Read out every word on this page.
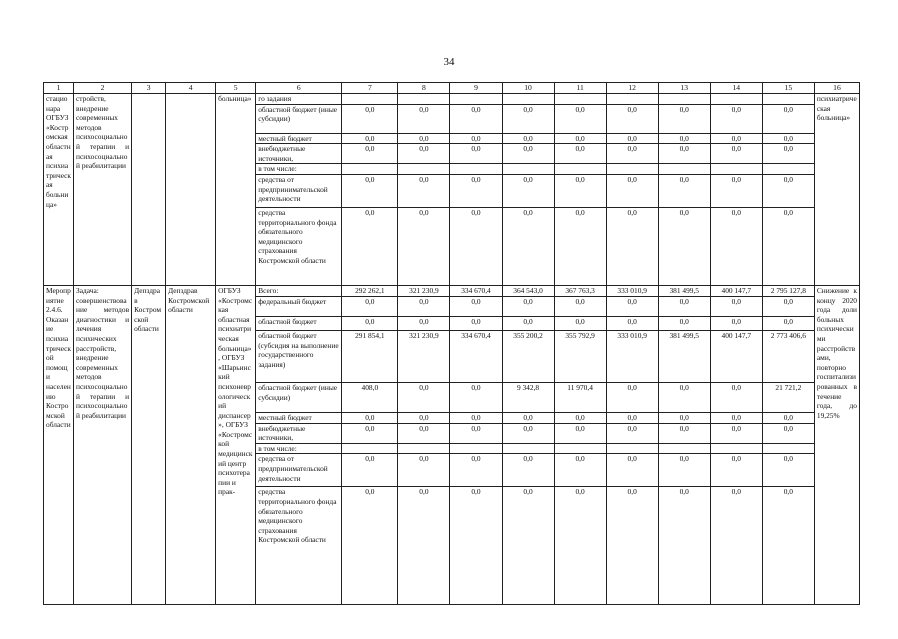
34
1	2	3	4	5	6	7	8	9	10	11	12	13	14	15	16
стационара ОГБУЗ «Костромская областная психиатрическая больница»	стройств, внедрение современных методов психосоциальной терапии и психосоциальной реабилитации			больница»	го задания										психиатрическая больница»
					областной бюджет (иные субсидии)	0,0	0,0	0,0	0,0	0,0	0,0	0,0	0,0	0,0	
					местный бюджет	0,0	0,0	0,0	0,0	0,0	0,0	0,0	0,0	0,0	
					внебюджетные источники,	0,0	0,0	0,0	0,0	0,0	0,0	0,0	0,0	0,0	
					в том числе:										
					средства от предпринимательской деятельности	0,0	0,0	0,0	0,0	0,0	0,0	0,0	0,0	0,0	
					средства территориального фонда обязательного медицинского страхования Костромской области	0,0	0,0	0,0	0,0	0,0	0,0	0,0	0,0	0,0	
Мероприятие 2.4.6. Оказание психиатрической помощи населению Костромской области	Задача: совершенствование методов диагностики и лечения психических расстройств, внедрение современных методов психосоциальной терапии и психосоциальной реабилитации	Депздрав Костромской области	Депздрав Костромской области	ОГБУЗ «Костромская областная психиатрическая больница», ОГБУЗ «Шарьинский психоневрологический диспансер», ОГБУЗ «Костромской медицинский центр психотерапии и прак-	Всего:	292 262,1	321 230,9	334 670,4	364 543,0	367 763,3	333 010,9	381 499,5	400 147,7	2 795 127,8	Снижение к концу 2020 года доли больных психическими расстройствами, повторно госпитализированных в течение года, до 19,25%
					федеральный бюджет	0,0	0,0	0,0	0,0	0,0	0,0	0,0	0,0	0,0	
					областной бюджет	0,0	0,0	0,0	0,0	0,0	0,0	0,0	0,0	0,0	
					областной бюджет (субсидия на выполнение государственного задания)	291 854,1	321 230,9	334 670,4	355 200,2	355 792,9	333 010,9	381 499,5	400 147,7	2 773 406,6	
					областной бюджет (иные субсидии)	408,0	0,0	0,0	9 342,8	11 970,4	0,0	0,0	0,0	21 721,2	
					местный бюджет	0,0	0,0	0,0	0,0	0,0	0,0	0,0	0,0	0,0	
					внебюджетные источники,	0,0	0,0	0,0	0,0	0,0	0,0	0,0	0,0	0,0	
					в том числе:										
					средства от предпринимательской деятельности	0,0	0,0	0,0	0,0	0,0	0,0	0,0	0,0	0,0	
					средства территориального фонда обязательного медицинского страхования Костромской области	0,0	0,0	0,0	0,0	0,0	0,0	0,0	0,0	0,0	
